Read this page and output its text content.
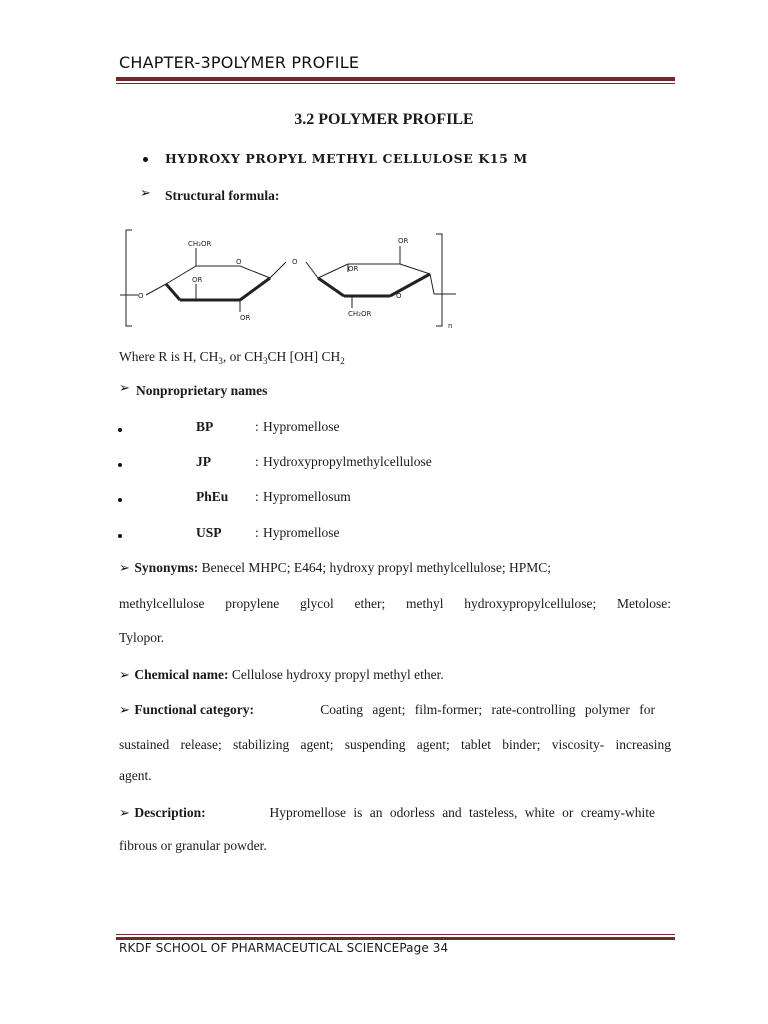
CHAPTER-3POLYMER PROFILE
3.2 POLYMER PROFILE
HYDROXY PROPYL METHYL CELLULOSE K15 M
➢ Structural formula:
CH₂OR
OR
OR
O
O
O
OR
OR
O
CH₂OR
n
Where R is H, $CH_3$, or $CH_3CH$ [OH] $CH_2$
➢ Nonproprietary names
BP	: Hypromellose
JP	: Hydroxypropylmethylcellulose
PhEu : Hypromellosum
USP : Hypromellose
➢ Synonyms: Benecel MHPC; E464; hydroxy propyl methylcellulose; HPMC;
methylcellulose propylene glycol ether; methyl hydroxypropylcellulose; Metolose:
Tylopor.
➢ Chemical name: Cellulose hydroxy propyl methyl ether.
➢ Functional category:	Coating agent; film-former; rate-controlling polymer for
sustained release; stabilizing agent; suspending agent; tablet binder; viscosity- increasing
agent.
➢ Description:	Hypromellose is an odorless and tasteless, white or creamy-white
fibrous or granular powder.
RKDF SCHOOL OF PHARMACEUTICAL SCIENCEPage 34
